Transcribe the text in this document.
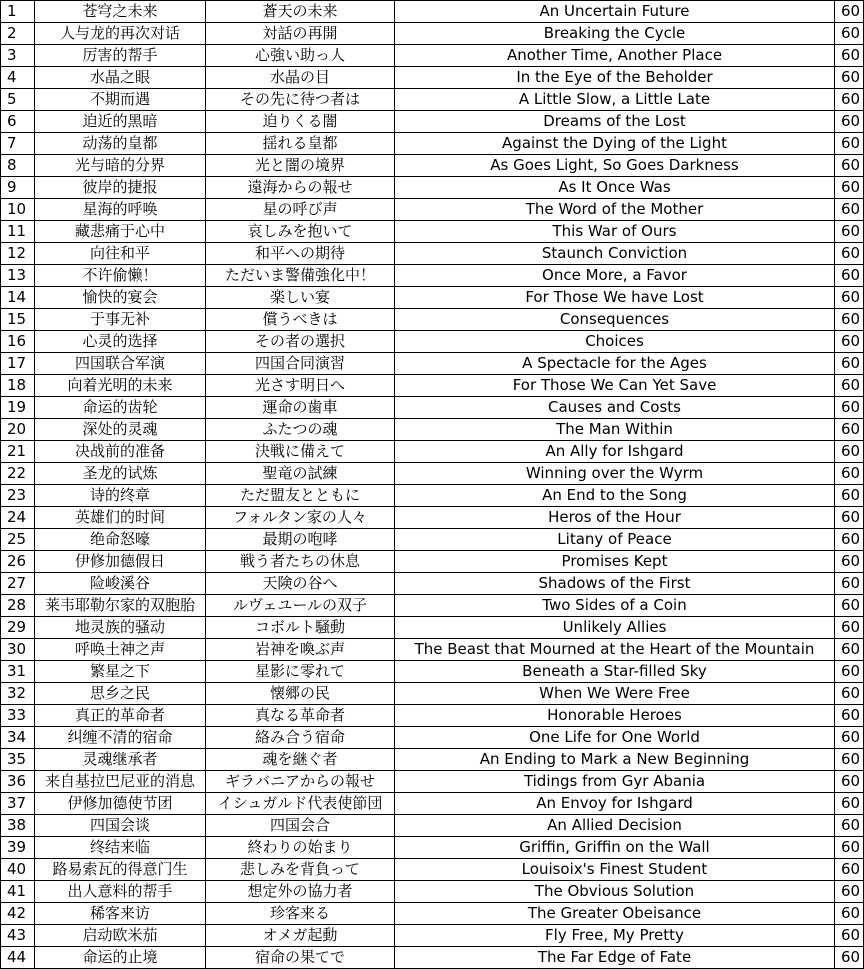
1	苍穹之未来	蒼天の未来	An Uncertain Future	60
2	人与龙的再次对话	対話の再開	Breaking the Cycle	60
3	厉害的帮手	心強い助っ人	Another Time, Another Place	60
4	水晶之眼	水晶の目	In the Eye of the Beholder	60
5	不期而遇	その先に待つ者は	A Little Slow, a Little Late	60
6	迫近的黑暗	迫りくる闇	Dreams of the Lost	60
7	动荡的皇都	揺れる皇都	Against the Dying of the Light	60
8	光与暗的分界	光と闇の境界	As Goes Light, So Goes Darkness	60
9	彼岸的捷报	遠海からの報せ	As It Once Was	60
10	星海的呼唤	星の呼び声	The Word of the Mother	60
11	藏悲痛于心中	哀しみを抱いて	This War of Ours	60
12	向往和平	和平への期待	Staunch Conviction	60
13	不许偷懒！	ただいま警備強化中！	Once More, a Favor	60
14	愉快的宴会	楽しい宴	For Those We have Lost	60
15	于事无补	償うべきは	Consequences	60
16	心灵的选择	その者の選択	Choices	60
17	四国联合军演	四国合同演習	A Spectacle for the Ages	60
18	向着光明的未来	光さす明日へ	For Those We Can Yet Save	60
19	命运的齿轮	運命の歯車	Causes and Costs	60
20	深处的灵魂	ふたつの魂	The Man Within	60
21	决战前的准备	決戦に備えて	An Ally for Ishgard	60
22	圣龙的试炼	聖竜の試練	Winning over the Wyrm	60
23	诗的终章	ただ盟友とともに	An End to the Song	60
24	英雄们的时间	フォルタン家の人々	Heros of the Hour	60
25	绝命怒嚎	最期の咆哮	Litany of Peace	60
26	伊修加德假日	戦う者たちの休息	Promises Kept	60
27	险峻溪谷	天険の谷へ	Shadows of the First	60
28	莱韦耶勒尔家的双胞胎	ルヴェユールの双子	Two Sides of a Coin	60
29	地灵族的骚动	コボルト騒動	Unlikely Allies	60
30	呼唤土神之声	岩神を喚ぶ声	The Beast that Mourned at the Heart of the Mountain	60
31	繁星之下	星影に零れて	Beneath a Star-filled Sky	60
32	思乡之民	懐郷の民	When We Were Free	60
33	真正的革命者	真なる革命者	Honorable Heroes	60
34	纠缠不清的宿命	絡み合う宿命	One Life for One World	60
35	灵魂继承者	魂を継ぐ者	An Ending to Mark a New Beginning	60
36	来自基拉巴尼亚的消息	ギラバニアからの報せ	Tidings from Gyr Abania	60
37	伊修加德使节团	イシュガルド代表使節団	An Envoy for Ishgard	60
38	四国会谈	四国会合	An Allied Decision	60
39	终结来临	終わりの始まり	Griffin, Griffin on the Wall	60
40	路易索瓦的得意门生	悲しみを背負って	Louisoix's Finest Student	60
41	出人意料的帮手	想定外の協力者	The Obvious Solution	60
42	稀客来访	珍客来る	The Greater Obeisance	60
43	启动欧米茄	オメガ起動	Fly Free, My Pretty	60
44	命运的止境	宿命の果てで	The Far Edge of Fate	60
